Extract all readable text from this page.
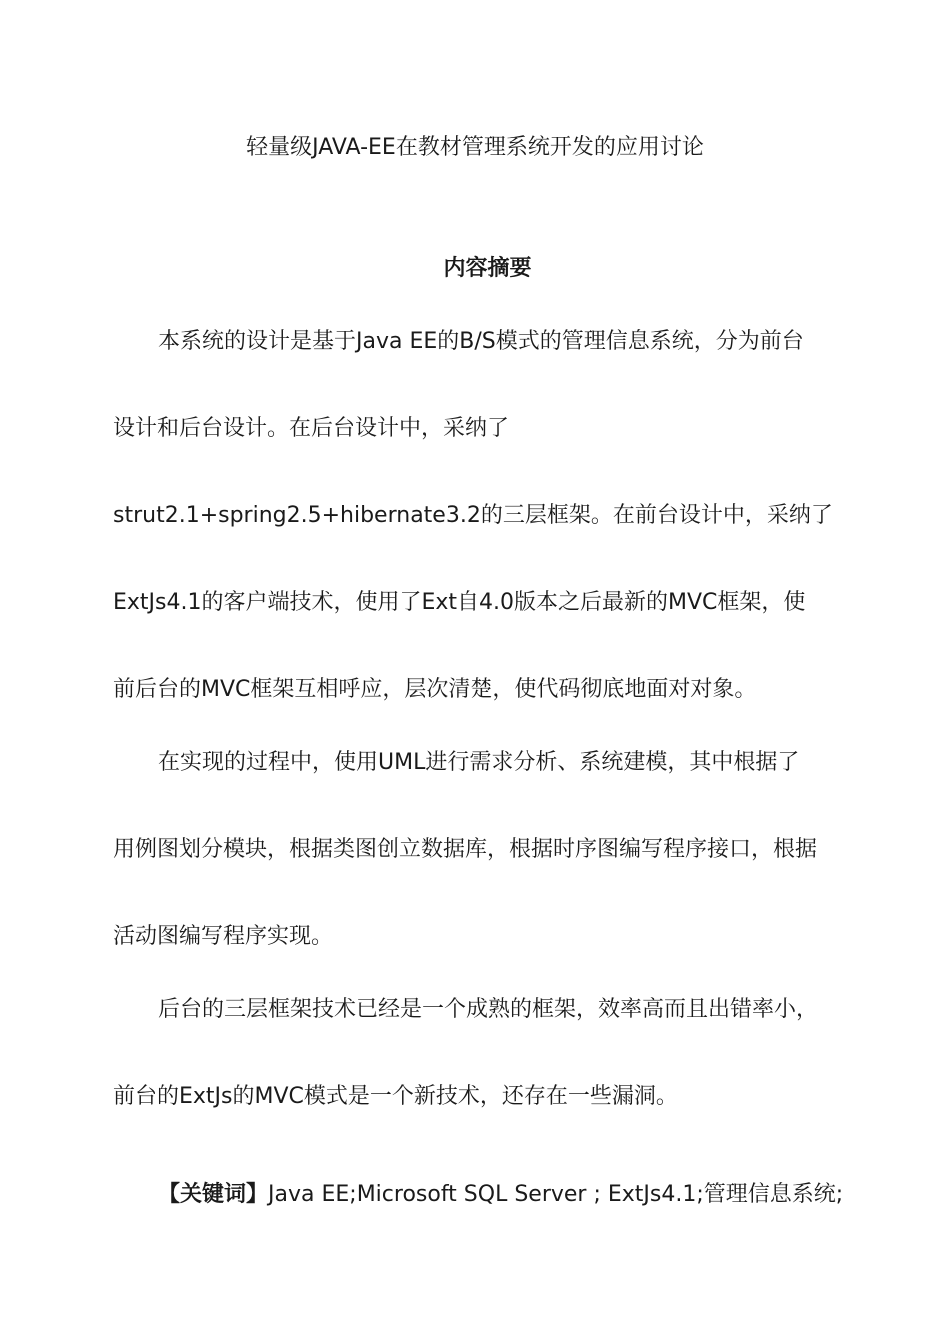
轻量级JAVA-EE在教材管理系统开发的应用讨论
内容摘要
本系统的设计是基于Java EE的B/S模式的管理信息系统，分为前台
设计和后台设计。在后台设计中，采纳了
strut2.1+spring2.5+hibernate3.2的三层框架。在前台设计中，采纳了
ExtJs4.1的客户端技术，使用了Ext自4.0版本之后最新的MVC框架，使
前后台的MVC框架互相呼应，层次清楚，使代码彻底地面对对象。
在实现的过程中，使用UML进行需求分析、系统建模，其中根据了
用例图划分模块，根据类图创立数据库，根据时序图编写程序接口，根据
活动图编写程序实现。
后台的三层框架技术已经是一个成熟的框架，效率高而且出错率小，
前台的ExtJs的MVC模式是一个新技术，还存在一些漏洞。
【关键词】Java EE;Microsoft SQL Server ; ExtJs4.1;管理信息系统;
